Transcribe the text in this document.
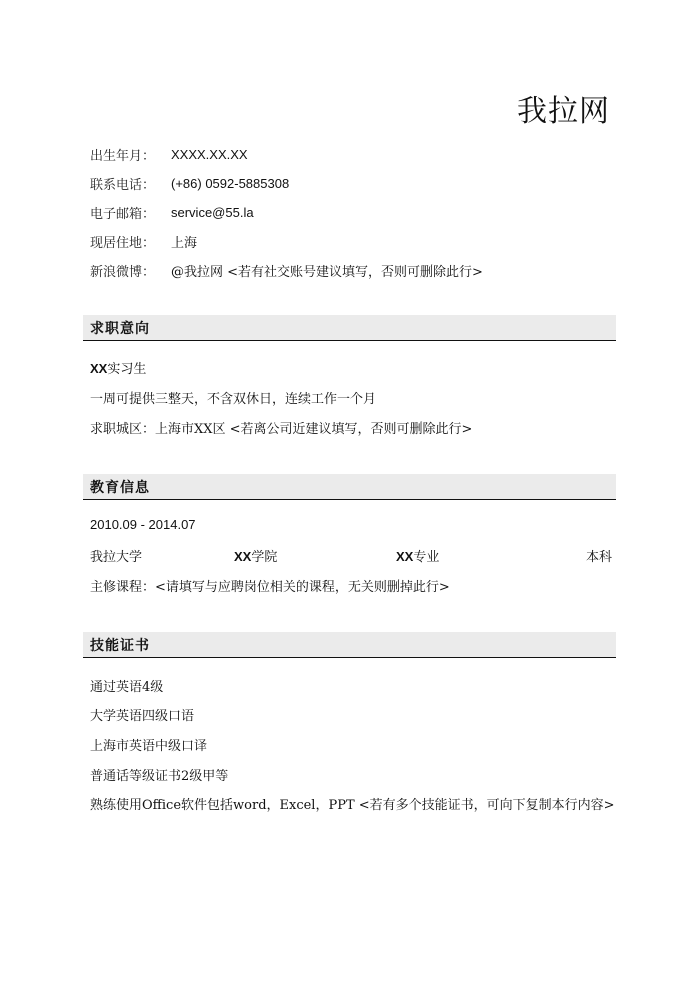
我拉网
出生年月：	XXXX.XX.XX
联系电话：	(+86) 0592-5885308
电子邮箱：	service@55.la
现居住地：	上海
新浪微博：	@我拉网 <若有社交账号建议填写，否则可删除此行>
求职意向
XX实习生
一周可提供三整天，不含双休日，连续工作一个月
求职城区：上海市XX区 <若离公司近建议填写，否则可删除此行>
教育信息
2010.09 - 2014.07
我拉大学	XX学院	XX专业	本科
主修课程：<请填写与应聘岗位相关的课程，无关则删掉此行>
技能证书
通过英语4级
大学英语四级口语
上海市英语中级口译
普通话等级证书2级甲等
熟练使用Office软件包括word，Excel，PPT <若有多个技能证书，可向下复制本行内容>
